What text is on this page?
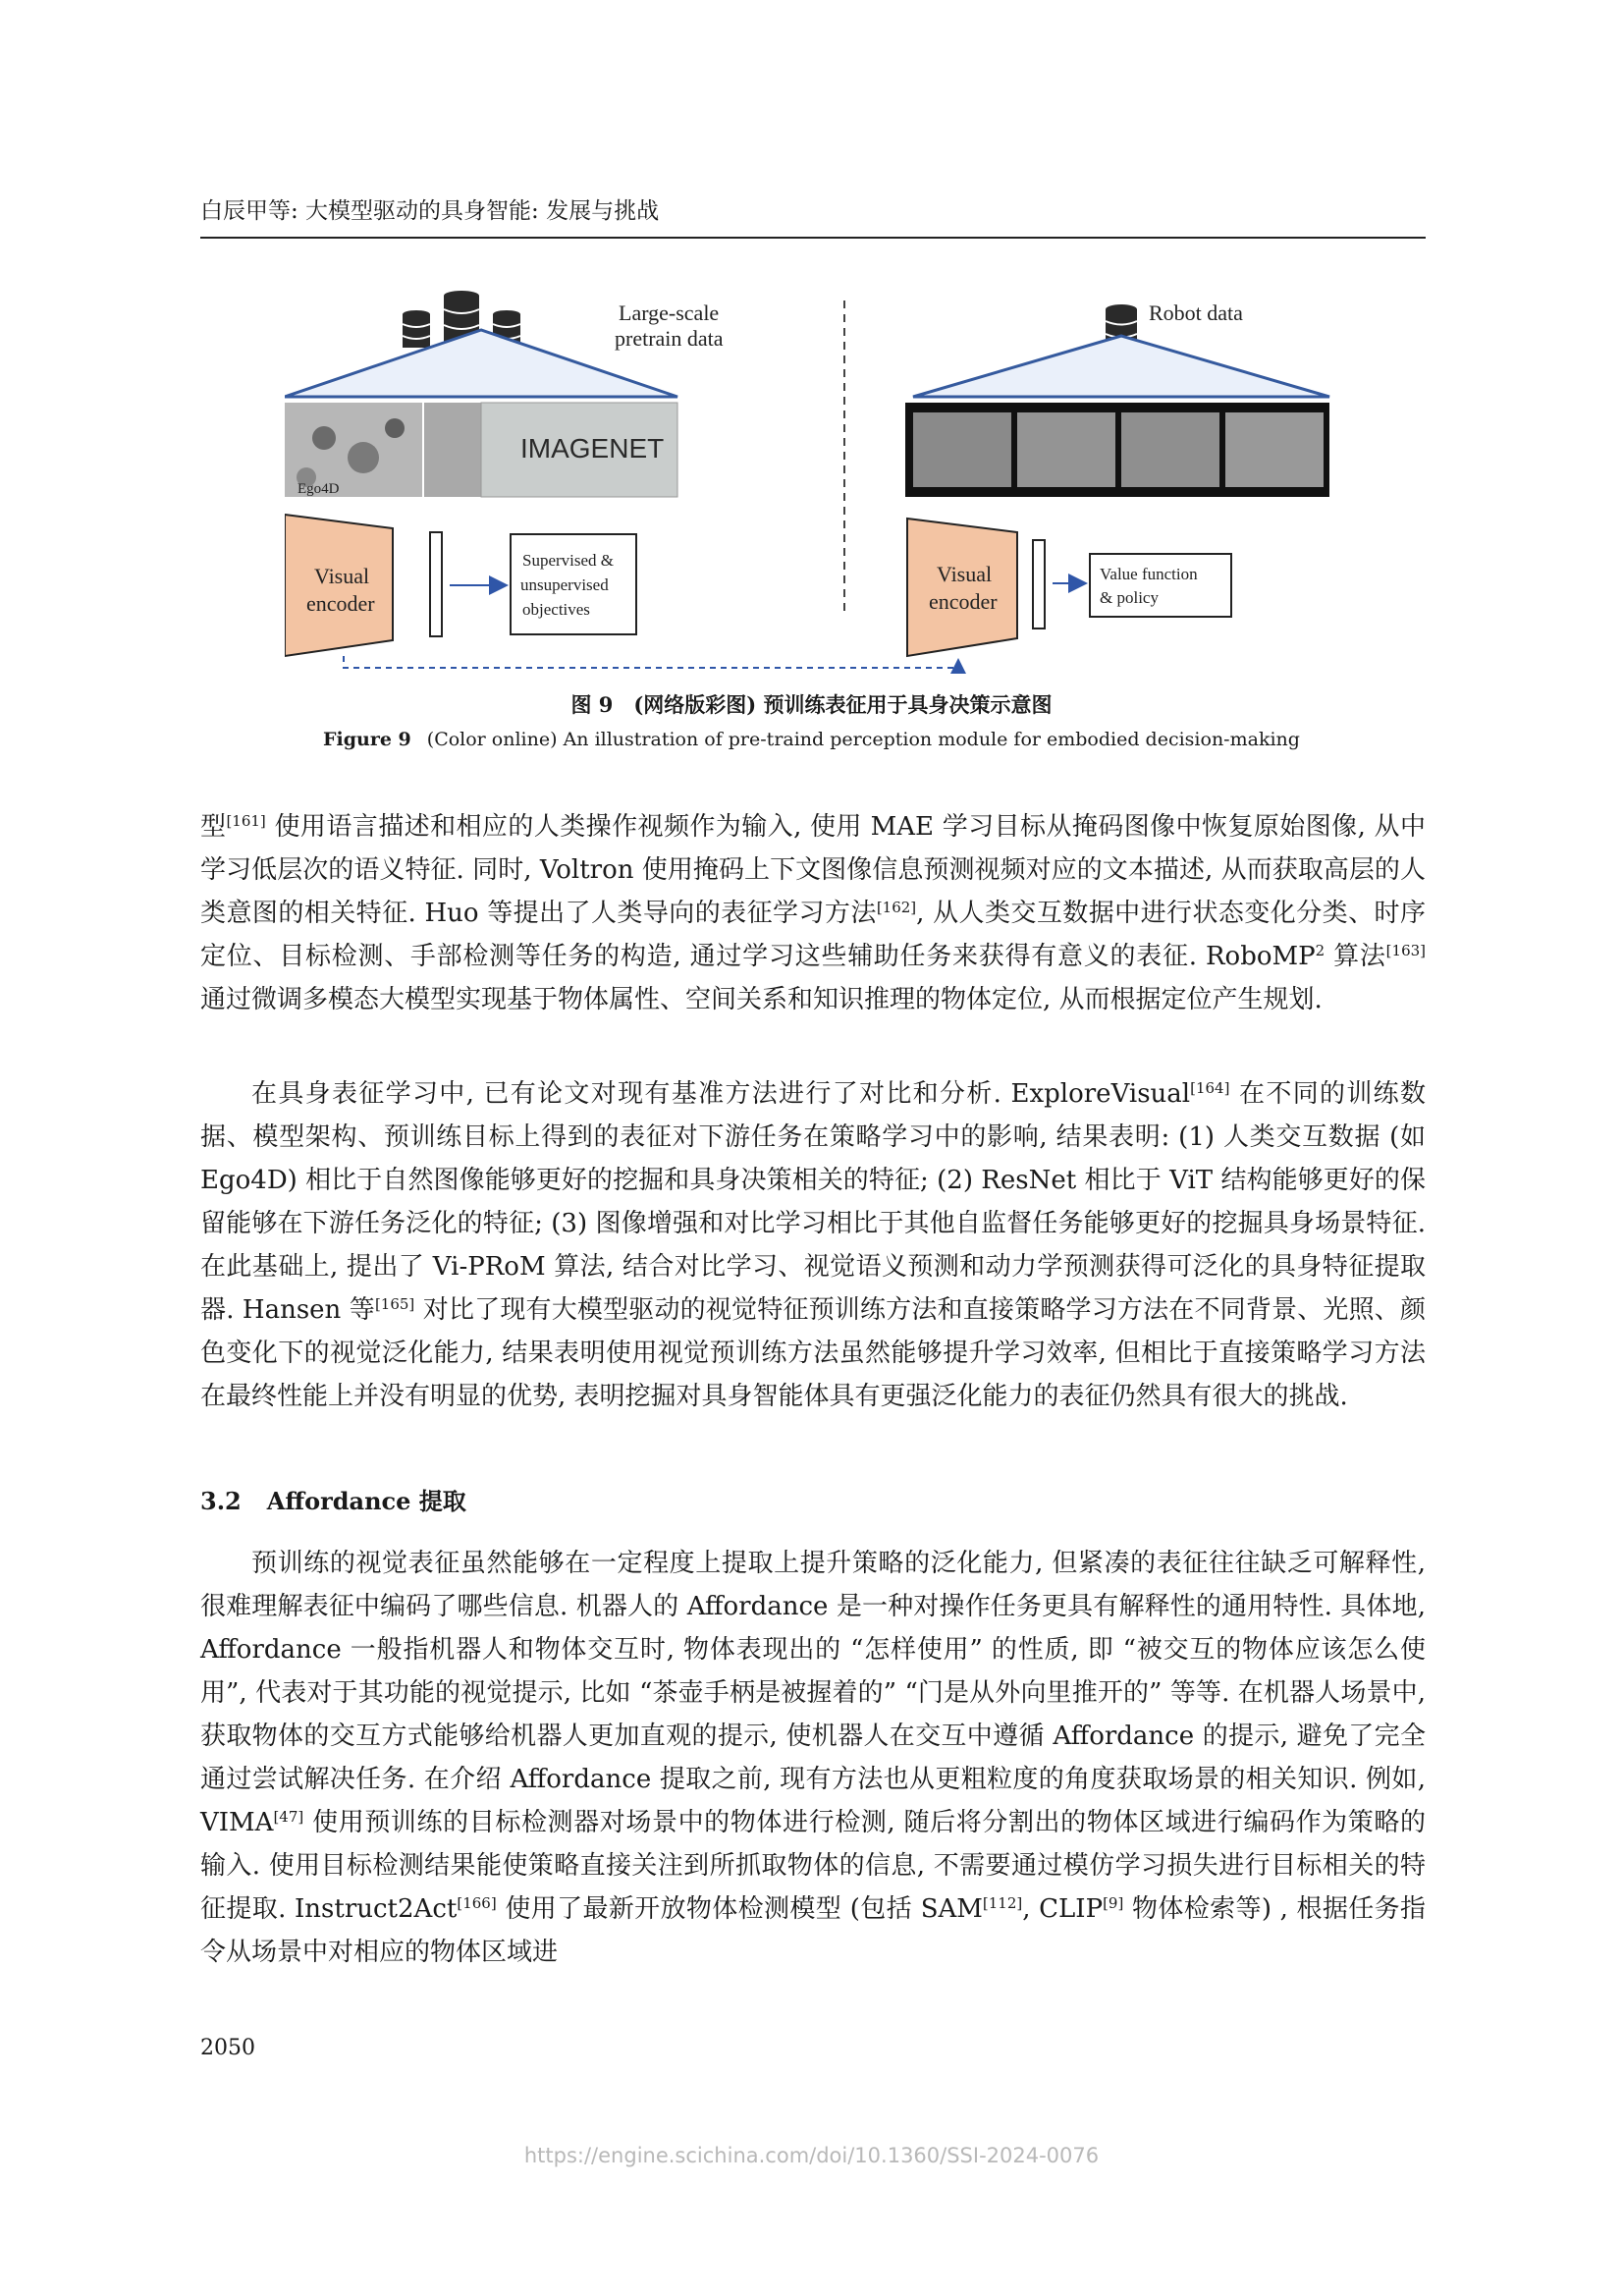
白辰甲等: 大模型驱动的具身智能: 发展与挑战
Large-scale
pretrain data
Ego4D
IMAGENET
Visual
encoder
Supervised &
unsupervised
objectives
Robot data
Visual
encoder
Value function
& policy
图 9　(网络版彩图) 预训练表征用于具身决策示意图
Figure 9 (Color online) An illustration of pre-traind perception module for embodied decision-making

型[161] 使用语言描述和相应的人类操作视频作为输入, 使用 MAE 学习目标从掩码图像中恢复原始图像, 从中学习低层次的语义特征. 同时, Voltron 使用掩码上下文图像信息预测视频对应的文本描述, 从而获取高层的人类意图的相关特征. Huo 等提出了人类导向的表征学习方法[162], 从人类交互数据中进行状态变化分类、时序定位、目标检测、手部检测等任务的构造, 通过学习这些辅助任务来获得有意义的表征. RoboMP$^2$ 算法[163] 通过微调多模态大模型实现基于物体属性、空间关系和知识推理的物体定位, 从而根据定位产生规划.

在具身表征学习中, 已有论文对现有基准方法进行了对比和分析. ExploreVisual[164] 在不同的训练数据、模型架构、预训练目标上得到的表征对下游任务在策略学习中的影响, 结果表明: (1) 人类交互数据 (如 Ego4D) 相比于自然图像能够更好的挖掘和具身决策相关的特征; (2) ResNet 相比于 ViT 结构能够更好的保留能够在下游任务泛化的特征; (3) 图像增强和对比学习相比于其他自监督任务能够更好的挖掘具身场景特征. 在此基础上, 提出了 Vi-PRoM 算法, 结合对比学习、视觉语义预测和动力学预测获得可泛化的具身特征提取器. Hansen 等[165] 对比了现有大模型驱动的视觉特征预训练方法和直接策略学习方法在不同背景、光照、颜色变化下的视觉泛化能力, 结果表明使用视觉预训练方法虽然能够提升学习效率, 但相比于直接策略学习方法在最终性能上并没有明显的优势, 表明挖掘对具身智能体具有更强泛化能力的表征仍然具有很大的挑战.

3.2 Affordance 提取

预训练的视觉表征虽然能够在一定程度上提取上提升策略的泛化能力, 但紧凑的表征往往缺乏可解释性, 很难理解表征中编码了哪些信息. 机器人的 Affordance 是一种对操作任务更具有解释性的通用特性. 具体地, Affordance 一般指机器人和物体交互时, 物体表现出的 “怎样使用” 的性质, 即 “被交互的物体应该怎么使用”, 代表对于其功能的视觉提示, 比如 “茶壶手柄是被握着的” “门是从外向里推开的” 等等. 在机器人场景中, 获取物体的交互方式能够给机器人更加直观的提示, 使机器人在交互中遵循 Affordance 的提示, 避免了完全通过尝试解决任务. 在介绍 Affordance 提取之前, 现有方法也从更粗粒度的角度获取场景的相关知识. 例如, VIMA[47] 使用预训练的目标检测器对场景中的物体进行检测, 随后将分割出的物体区域进行编码作为策略的输入. 使用目标检测结果能使策略直接关注到所抓取物体的信息, 不需要通过模仿学习损失进行目标相关的特征提取. Instruct2Act[166] 使用了最新开放物体检测模型 (包括 SAM[112], CLIP[9] 物体检索等) , 根据任务指令从场景中对相应的物体区域进

2050
https://engine.scichina.com/doi/10.1360/SSI-2024-0076
